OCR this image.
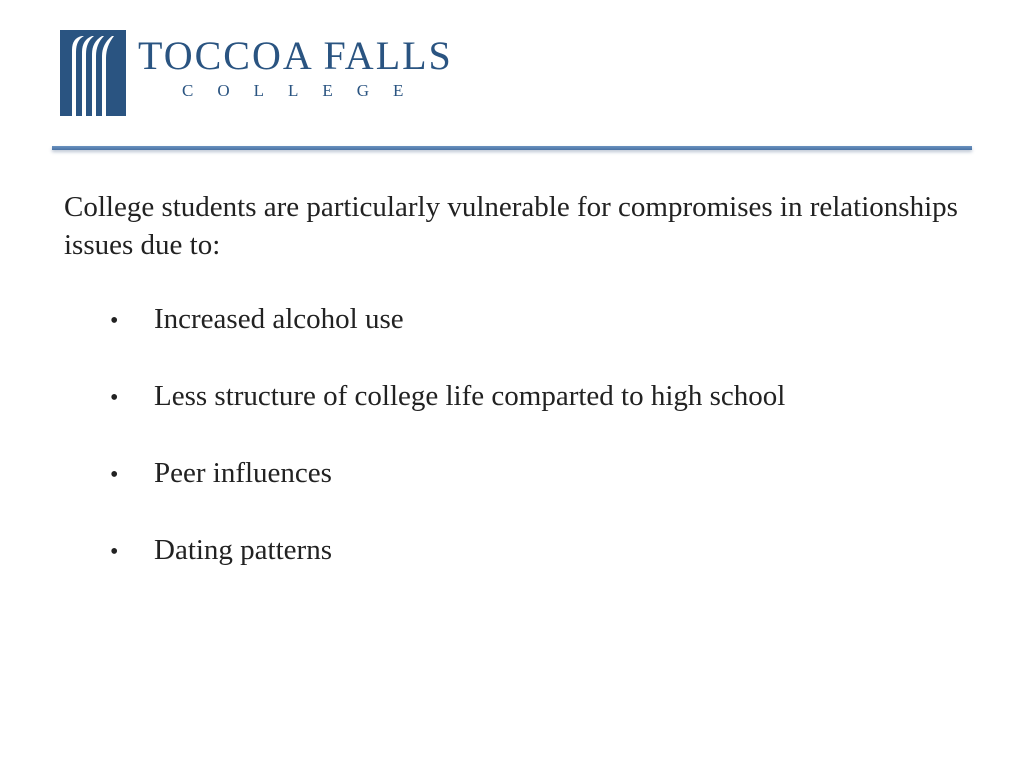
TOCCOA FALLS
COLLEGE

College students are particularly vulnerable for compromises in relationships issues due to:

•	Increased alcohol use
•	Less structure of college life comparted to high school
•	Peer influences
•	Dating patterns
